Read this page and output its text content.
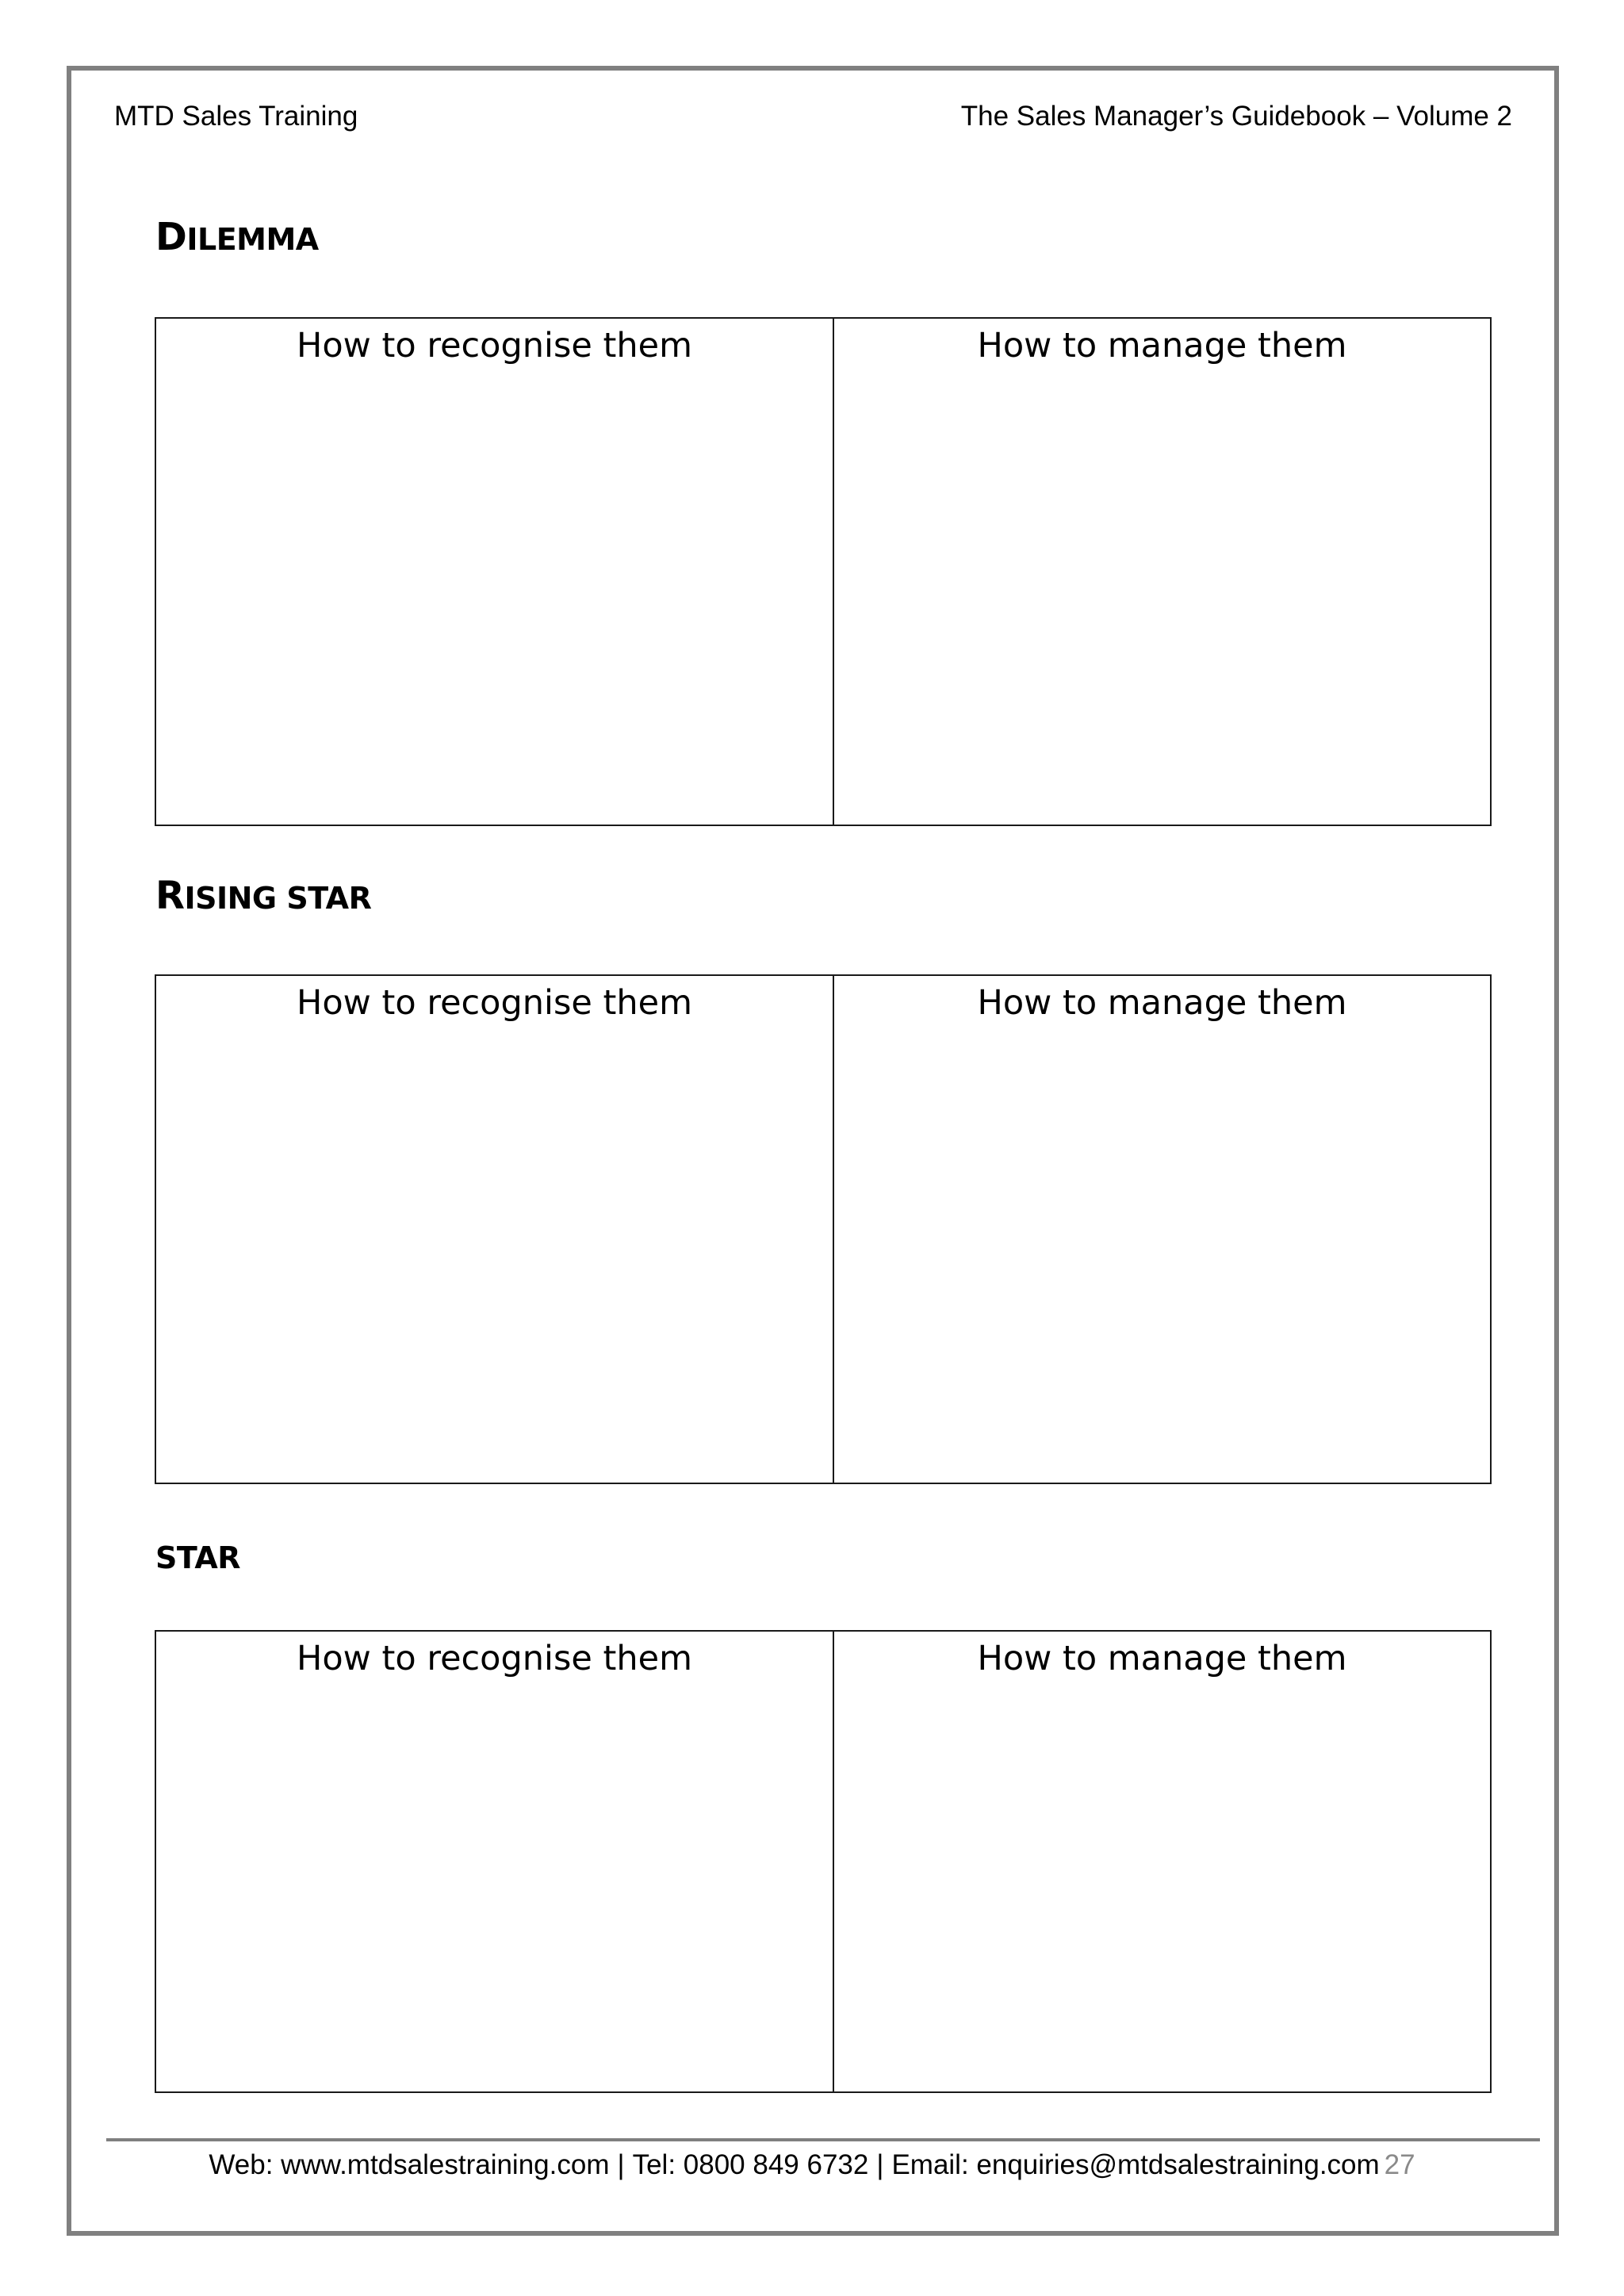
MTD Sales Training	The Sales Manager’s Guidebook – Volume 2
DILEMMA
How to recognise them	How to manage them
RISING STAR
How to recognise them	How to manage them
STAR
How to recognise them	How to manage them
Web: www.mtdsalestraining.com | Tel: 0800 849 6732 | Email: enquiries@mtdsalestraining.com 27
